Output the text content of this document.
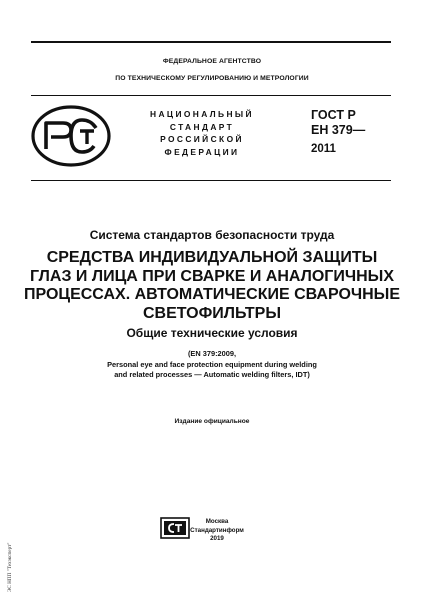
ФЕДЕРАЛЬНОЕ АГЕНТСТВО
ПО ТЕХНИЧЕСКОМУ РЕГУЛИРОВАНИЮ И МЕТРОЛОГИИ
НАЦИОНАЛЬНЫЙ
СТАНДАРТ
РОССИЙСКОЙ
ФЕДЕРАЦИИ
ГОСТ Р
ЕН 379—
2011
Система стандартов безопасности труда
СРЕДСТВА ИНДИВИДУАЛЬНОЙ ЗАЩИТЫ
ГЛАЗ И ЛИЦА ПРИ СВАРКЕ И АНАЛОГИЧНЫХ
ПРОЦЕССАХ. АВТОМАТИЧЕСКИЕ СВАРОЧНЫЕ
СВЕТОФИЛЬТРЫ
Общие технические условия
(EN 379:2009,
Personal eye and face protection equipment during welding
and related processes — Automatic welding filters, IDT)
Издание официальное
Москва
Стандартинформ
2019
ЭС НПП "Техэксперт"
